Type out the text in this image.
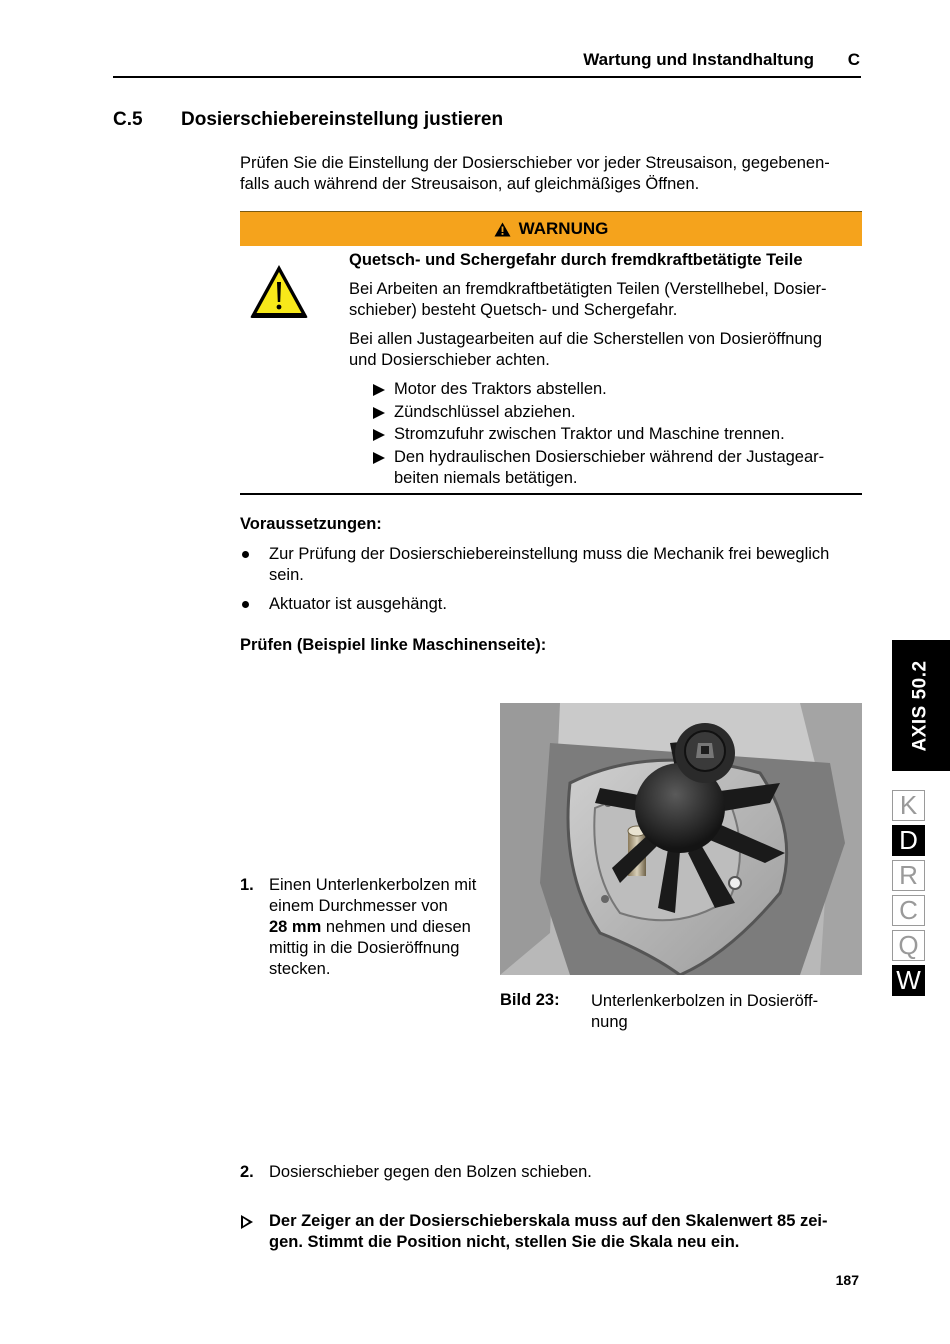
Wartung und Instandhaltung C
C.5 Dosierschiebereinstellung justieren
Prüfen Sie die Einstellung der Dosierschieber vor jeder Streusaison, gegebenen-
falls auch während der Streusaison, auf gleichmäßiges Öffnen.
WARNUNG
Quetsch- und Schergefahr durch fremdkraftbetätigte Teile
Bei Arbeiten an fremdkraftbetätigten Teilen (Verstellhebel, Dosier-
schieber) besteht Quetsch- und Schergefahr.
Bei allen Justagearbeiten auf die Scherstellen von Dosieröffnung
und Dosierschieber achten.
Motor des Traktors abstellen.
Zündschlüssel abziehen.
Stromzufuhr zwischen Traktor und Maschine trennen.
Den hydraulischen Dosierschieber während der Justagear-
beiten niemals betätigen.
Voraussetzungen:
Zur Prüfung der Dosierschiebereinstellung muss die Mechanik frei beweglich
sein.
Aktuator ist ausgehängt.
Prüfen (Beispiel linke Maschinenseite):
1. Einen Unterlenkerbolzen mit
einem Durchmesser von
28 mm nehmen und diesen
mittig in die Dosieröffnung
stecken.
Bild 23: Unterlenkerbolzen in Dosieröff-
nung
2. Dosierschieber gegen den Bolzen schieben.
Der Zeiger an der Dosierschieberskala muss auf den Skalenwert 85 zei-
gen. Stimmt die Position nicht, stellen Sie die Skala neu ein.
187
AXIS 50.2
K
D
R
C
Q
W
